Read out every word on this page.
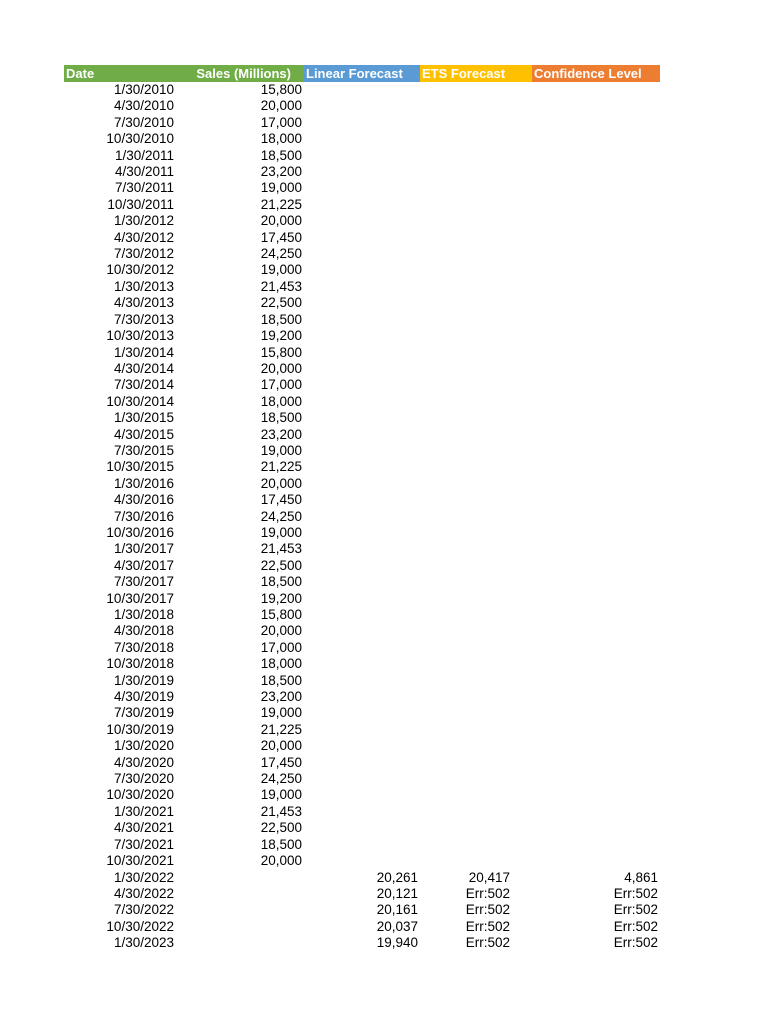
Date	Sales (Millions)	Linear Forecast	ETS Forecast	Confidence Level
1/30/2010	15,800			
4/30/2010	20,000			
7/30/2010	17,000			
10/30/2010	18,000			
1/30/2011	18,500			
4/30/2011	23,200			
7/30/2011	19,000			
10/30/2011	21,225			
1/30/2012	20,000			
4/30/2012	17,450			
7/30/2012	24,250			
10/30/2012	19,000			
1/30/2013	21,453			
4/30/2013	22,500			
7/30/2013	18,500			
10/30/2013	19,200			
1/30/2014	15,800			
4/30/2014	20,000			
7/30/2014	17,000			
10/30/2014	18,000			
1/30/2015	18,500			
4/30/2015	23,200			
7/30/2015	19,000			
10/30/2015	21,225			
1/30/2016	20,000			
4/30/2016	17,450			
7/30/2016	24,250			
10/30/2016	19,000			
1/30/2017	21,453			
4/30/2017	22,500			
7/30/2017	18,500			
10/30/2017	19,200			
1/30/2018	15,800			
4/30/2018	20,000			
7/30/2018	17,000			
10/30/2018	18,000			
1/30/2019	18,500			
4/30/2019	23,200			
7/30/2019	19,000			
10/30/2019	21,225			
1/30/2020	20,000			
4/30/2020	17,450			
7/30/2020	24,250			
10/30/2020	19,000			
1/30/2021	21,453			
4/30/2021	22,500			
7/30/2021	18,500			
10/30/2021	20,000			
1/30/2022		20,261	20,417	4,861
4/30/2022		20,121	Err:502	Err:502
7/30/2022		20,161	Err:502	Err:502
10/30/2022		20,037	Err:502	Err:502
1/30/2023		19,940	Err:502	Err:502
